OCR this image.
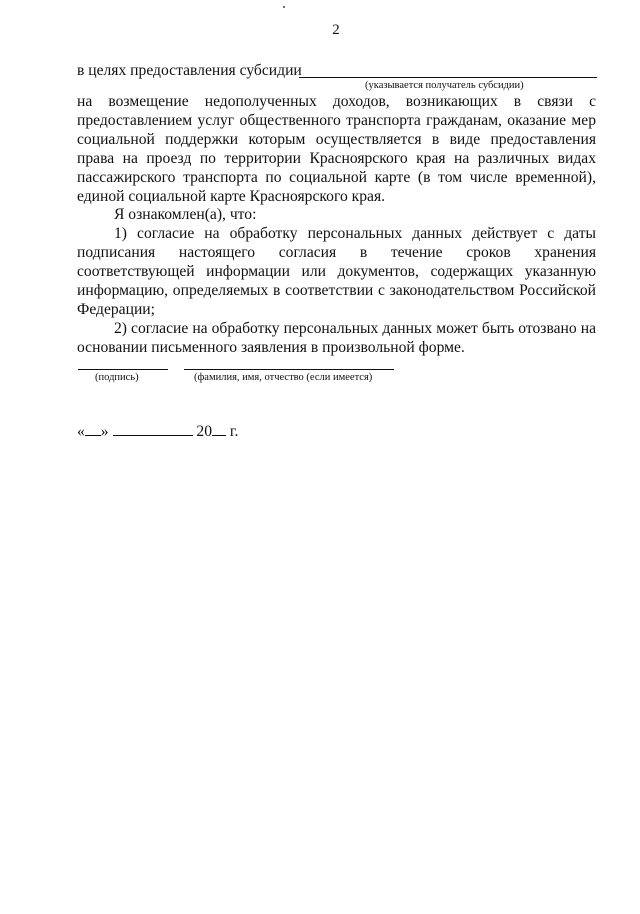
2
в целях предоставления субсидии
(указывается получатель субсидии)

на возмещение недополученных доходов, возникающих в связи с предоставлением услуг общественного транспорта гражданам, оказание мер социальной поддержки которым осуществляется в виде предоставления права на проезд по территории Красноярского края на различных видах пассажирского транспорта по социальной карте (в том числе временной), единой социальной карте Красноярского края.

Я ознакомлен(а), что:

1) согласие на обработку персональных данных действует с даты подписания настоящего согласия в течение сроков хранения соответствующей информации или документов, содержащих указанную информацию, определяемых в соответствии с законодательством Российской Федерации;

2) согласие на обработку персональных данных может быть отозвано на основании письменного заявления в произвольной форме.

(подпись)	(фамилия, имя, отчество (если имеется)
« »	20 г.
